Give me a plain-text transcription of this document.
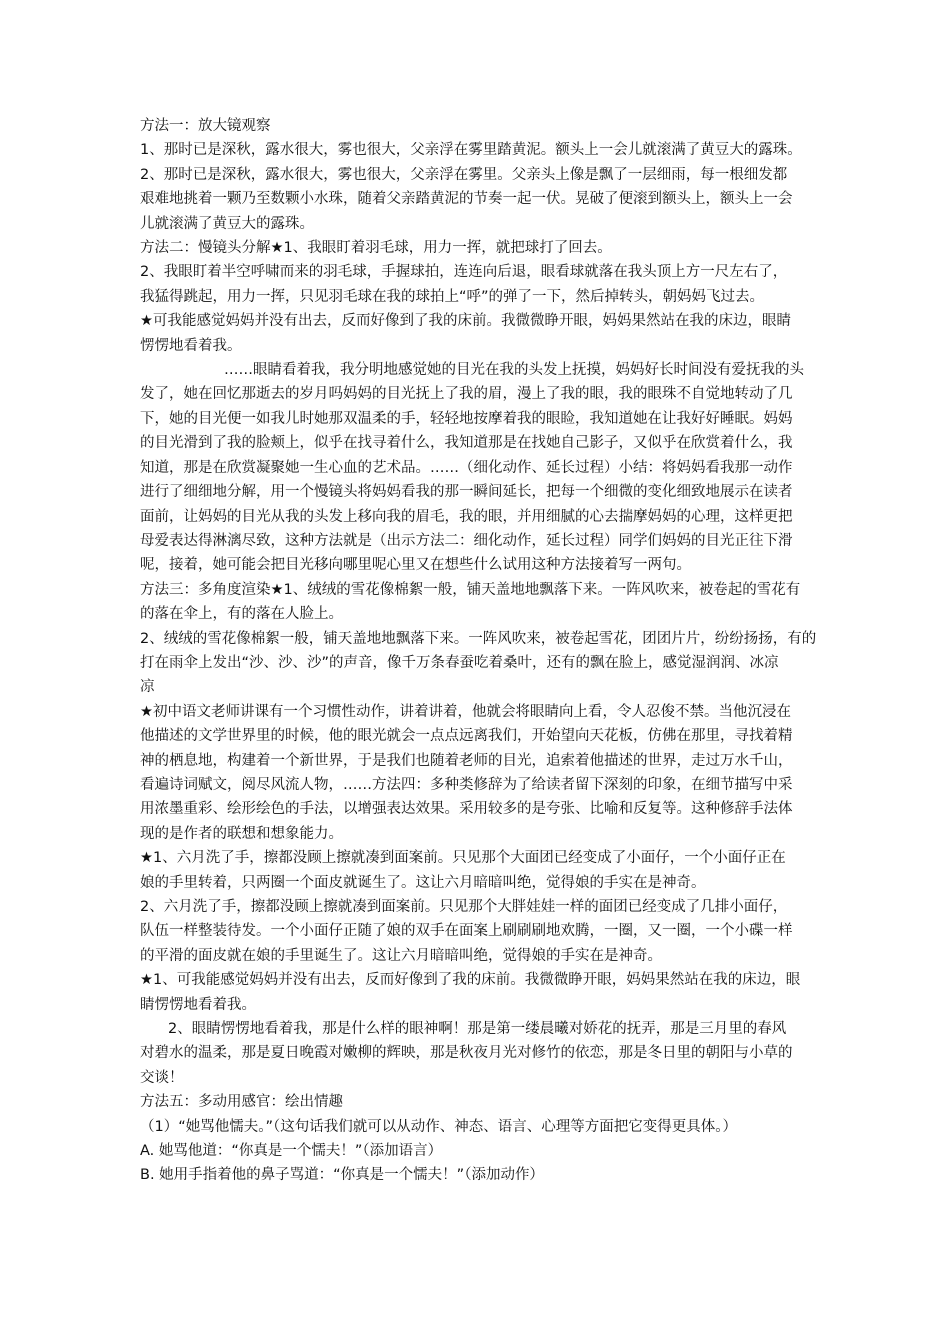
方法一：放大镜观察
1、那时已是深秋，露水很大，雾也很大，父亲浮在雾里踏黄泥。额头上一会儿就滚满了黄豆大的露珠。
2、那时已是深秋，露水很大，雾也很大，父亲浮在雾里。父亲头上像是飘了一层细雨，每一根细发都
艰难地挑着一颗乃至数颗小水珠，随着父亲踏黄泥的节奏一起一伏。晃破了便滚到额头上，额头上一会
儿就滚满了黄豆大的露珠。
方法二：慢镜头分解★1、我眼盯着羽毛球，用力一挥，就把球打了回去。
2、我眼盯着半空呼啸而来的羽毛球，手握球拍，连连向后退，眼看球就落在我头顶上方一尺左右了，
我猛得跳起，用力一挥，只见羽毛球在我的球拍上“呼”的弹了一下，然后掉转头，朝妈妈飞过去。
★可我能感觉妈妈并没有出去，反而好像到了我的床前。我微微睁开眼，妈妈果然站在我的床边，眼睛
愣愣地看着我。
……眼睛看着我，我分明地感觉她的目光在我的头发上抚摸，妈妈好长时间没有爱抚我的头
发了，她在回忆那逝去的岁月吗妈妈的目光抚上了我的眉，漫上了我的眼，我的眼珠不自觉地转动了几
下，她的目光便一如我儿时她那双温柔的手，轻轻地按摩着我的眼睑，我知道她在让我好好睡眠。妈妈
的目光滑到了我的脸颊上，似乎在找寻着什么，我知道那是在找她自己影子，又似乎在欣赏着什么，我
知道，那是在欣赏凝聚她一生心血的艺术品。……（细化动作、延长过程）小结：将妈妈看我那一动作
进行了细细地分解，用一个慢镜头将妈妈看我的那一瞬间延长，把每一个细微的变化细致地展示在读者
面前，让妈妈的目光从我的头发上移向我的眉毛，我的眼，并用细腻的心去揣摩妈妈的心理，这样更把
母爱表达得淋漓尽致，这种方法就是（出示方法二：细化动作，延长过程）同学们妈妈的目光正往下滑
呢，接着，她可能会把目光移向哪里呢心里又在想些什么试用这种方法接着写一两句。
方法三：多角度渲染★1、绒绒的雪花像棉絮一般，铺天盖地地飘落下来。一阵风吹来，被卷起的雪花有
的落在伞上，有的落在人脸上。
2、绒绒的雪花像棉絮一般，铺天盖地地飘落下来。一阵风吹来，被卷起雪花，团团片片，纷纷扬扬，有的
打在雨伞上发出“沙、沙、沙”的声音，像千万条春蚕吃着桑叶，还有的飘在脸上，感觉湿润润、冰凉
凉
★初中语文老师讲课有一个习惯性动作，讲着讲着，他就会将眼睛向上看，令人忍俊不禁。当他沉浸在
他描述的文学世界里的时候，他的眼光就会一点点远离我们，开始望向天花板，仿佛在那里，寻找着精
神的栖息地，构建着一个新世界，于是我们也随着老师的目光，追索着他描述的世界，走过万水千山，
看遍诗词赋文，阅尽风流人物，……方法四：多种类修辞为了给读者留下深刻的印象，在细节描写中采
用浓墨重彩、绘形绘色的手法，以增强表达效果。采用较多的是夸张、比喻和反复等。这种修辞手法体
现的是作者的联想和想象能力。
★1、六月洗了手，擦都没顾上擦就凑到面案前。只见那个大面团已经变成了小面仔，一个小面仔正在
娘的手里转着，只两圈一个面皮就诞生了。这让六月暗暗叫绝，觉得娘的手实在是神奇。
2、六月洗了手，擦都没顾上擦就凑到面案前。只见那个大胖娃娃一样的面团已经变成了几排小面仔，
队伍一样整装待发。一个小面仔正随了娘的双手在面案上刷刷刷地欢腾，一圈，又一圈，一个小碟一样
的平滑的面皮就在娘的手里诞生了。这让六月暗暗叫绝，觉得娘的手实在是神奇。
★1、可我能感觉妈妈并没有出去，反而好像到了我的床前。我微微睁开眼，妈妈果然站在我的床边，眼
睛愣愣地看着我。
2、眼睛愣愣地看着我，那是什么样的眼神啊！那是第一缕晨曦对娇花的抚弄，那是三月里的春风
对碧水的温柔，那是夏日晚霞对嫩柳的辉映，那是秋夜月光对修竹的依恋，那是冬日里的朝阳与小草的
交谈！
方法五：多动用感官：绘出情趣
（1）“她骂他懦夫。”（这句话我们就可以从动作、神态、语言、心理等方面把它变得更具体。）
A. 她骂他道：“你真是一个懦夫！”（添加语言）
B. 她用手指着他的鼻子骂道：“你真是一个懦夫！”（添加动作）
